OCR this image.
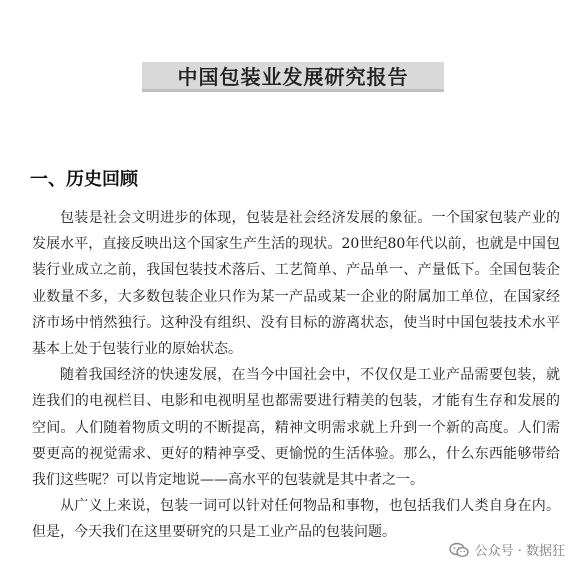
中国包装业发展研究报告
一、历史回顾

包装是社会文明进步的体现，包装是社会经济发展的象征。一个国家包装产业的发展水平，直接反映出这个国家生产生活的现状。20世纪80年代以前，也就是中国包装行业成立之前，我国包装技术落后、工艺简单、产品单一、产量低下。全国包装企业数量不多，大多数包装企业只作为某一产品或某一企业的附属加工单位，在国家经济市场中悄然独行。这种没有组织、没有目标的游离状态，使当时中国包装技术水平基本上处于包装行业的原始状态。

随着我国经济的快速发展，在当今中国社会中，不仅仅是工业产品需要包装，就连我们的电视栏目、电影和电视明星也都需要进行精美的包装，才能有生存和发展的空间。人们随着物质文明的不断提高，精神文明需求就上升到一个新的高度。人们需要更高的视觉需求、更好的精神享受、更愉悦的生活体验。那么，什么东西能够带给我们这些呢？可以肯定地说——高水平的包装就是其中者之一。

从广义上来说，包装一词可以针对任何物品和事物，也包括我们人类自身在内。但是，今天我们在这里要研究的只是工业产品的包装问题。

公众号 · 数据狂
